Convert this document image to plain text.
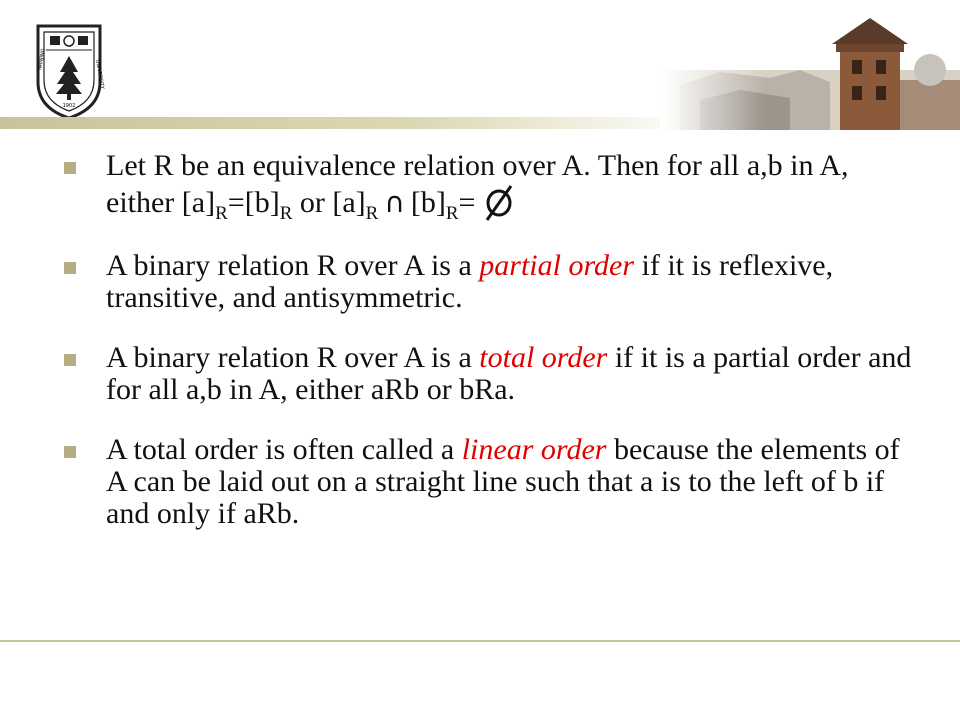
1902
NANJING
UNIVERSITY
Let R be an equivalence relation over A. Then for all a,b in A, either $[a]_R=[b]_R$ or $[a]_R$ ∩ $[b]_R=$
A binary relation R over A is a partial order if it is reflexive, transitive, and antisymmetric.
A binary relation R over A is a total order if it is a partial order and for all a,b in A, either aRb or bRa.
A total order is often called a linear order because the elements of A can be laid out on a straight line such that a is to the left of b if and only if aRb.
